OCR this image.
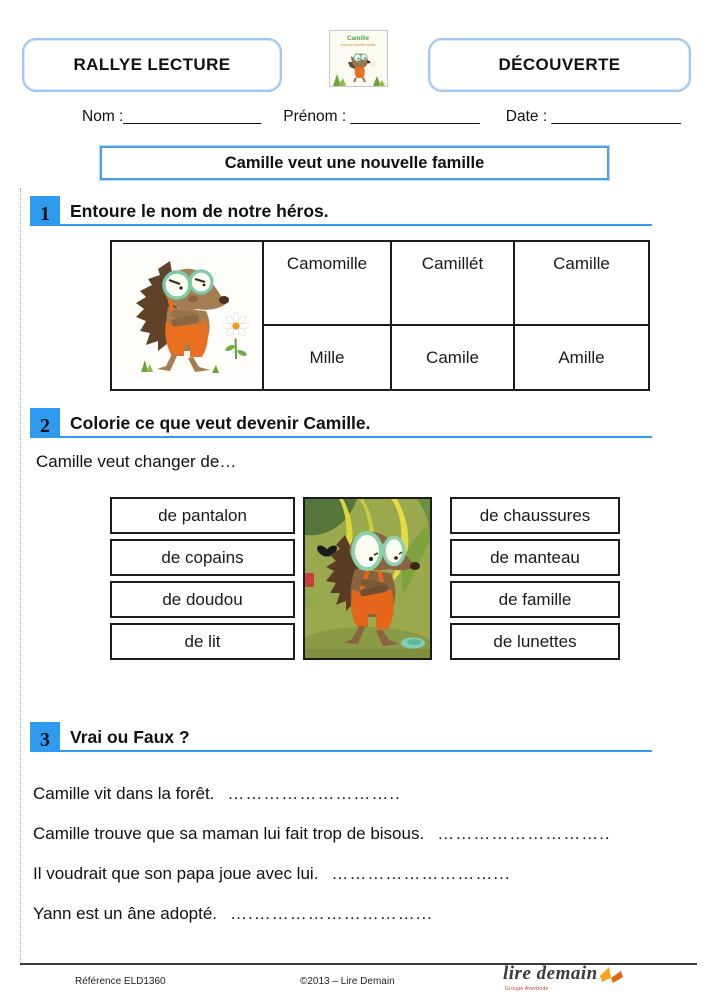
RALLYE LECTURE
Camille
veut une nouvelle famille
DÉCOUVERTE
Nom :________________ Prénom : _______________ Date : _______________
Camille veut une nouvelle famille
1 Entoure le nom de notre héros.
	Camomille	Camillét	Camille
	Mille	Camile	Amille
2 Colorie ce que veut devenir Camille.
Camille veut changer de…
de pantalon
de copains
de doudou
de lit
de chaussures
de manteau
de famille
de lunettes
3 Vrai ou Faux ?
Camille vit dans la forêt. ………………………..
Camille trouve que sa maman lui fait trop de bisous. ………………………..
Il voudrait que son papa joue avec lui. ………………………...
Yann est un âne adopté. ….………………………...
Référence ELD1360	©2013 – Lire Demain	lire demain
Groupe Averbode
